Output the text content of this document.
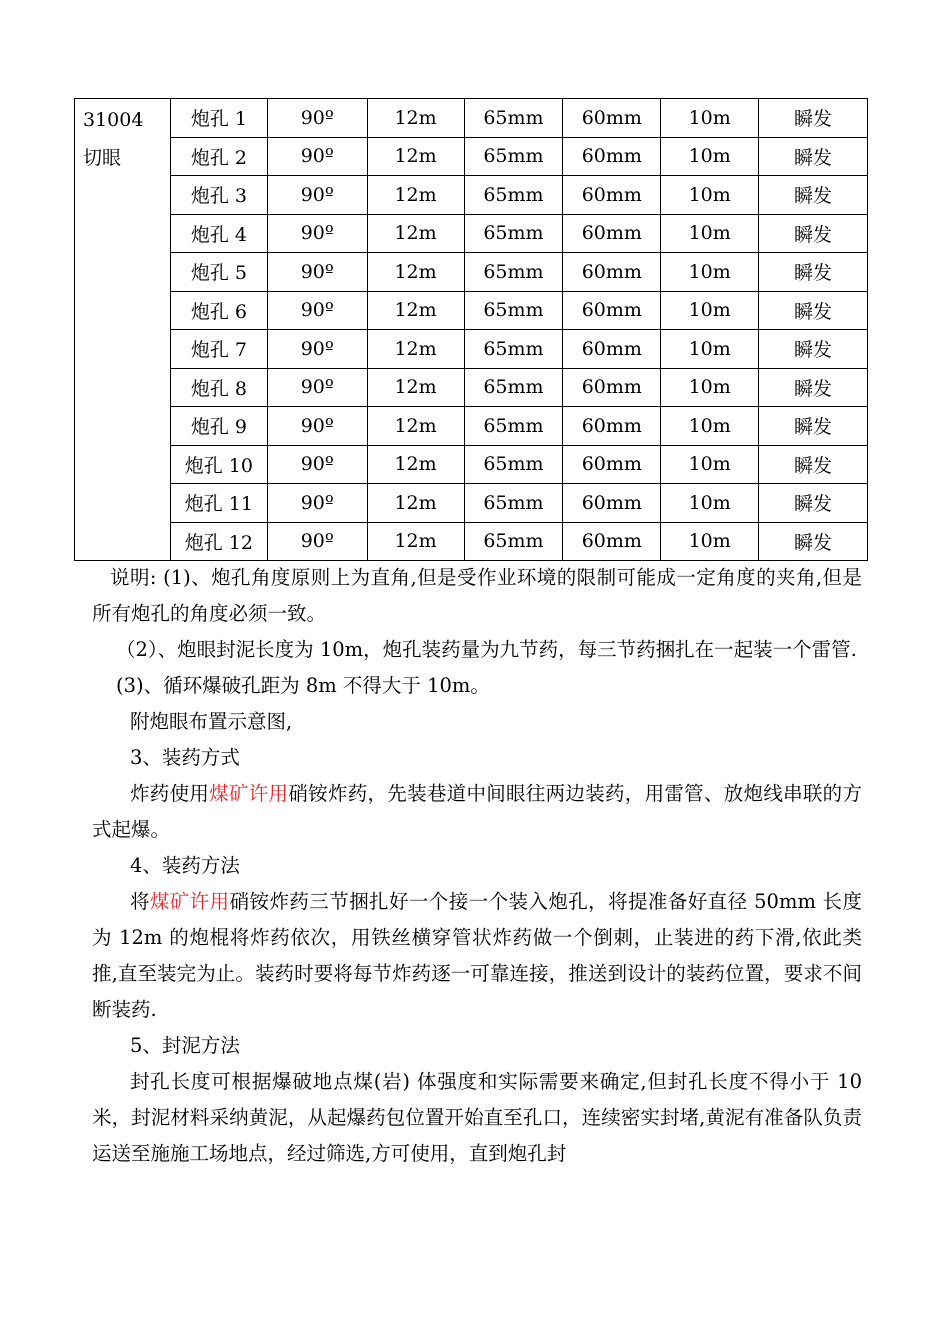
31004
切眼	炮孔 1	90º	12m	65mm	60mm	10m	瞬发
	炮孔 2	90º	12m	65mm	60mm	10m	瞬发
	炮孔 3	90º	12m	65mm	60mm	10m	瞬发
	炮孔 4	90º	12m	65mm	60mm	10m	瞬发
	炮孔 5	90º	12m	65mm	60mm	10m	瞬发
	炮孔 6	90º	12m	65mm	60mm	10m	瞬发
	炮孔 7	90º	12m	65mm	60mm	10m	瞬发
	炮孔 8	90º	12m	65mm	60mm	10m	瞬发
	炮孔 9	90º	12m	65mm	60mm	10m	瞬发
	炮孔 10	90º	12m	65mm	60mm	10m	瞬发
	炮孔 11	90º	12m	65mm	60mm	10m	瞬发
	炮孔 12	90º	12m	65mm	60mm	10m	瞬发

说明: (1)、炮孔角度原则上为直角,但是受作业环境的限制可能成一定角度的夹角,但是所有炮孔的角度必须一致。

（2）、炮眼封泥长度为 10m，炮孔装药量为九节药，每三节药捆扎在一起装一个雷管.

(3)、循环爆破孔距为 8m 不得大于 10m。

附炮眼布置示意图,

3、装药方式

炸药使用煤矿许用硝铵炸药，先装巷道中间眼往两边装药，用雷管、放炮线串联的方式起爆。

4、装药方法

将煤矿许用硝铵炸药三节捆扎好一个接一个装入炮孔，将提准备好直径 50mm 长度为 12m 的炮棍将炸药依次，用铁丝横穿管状炸药做一个倒刺，止装进的药下滑,依此类推,直至装完为止。装药时要将每节炸药逐一可靠连接，推送到设计的装药位置，要求不间断装药.

5、封泥方法

封孔长度可根据爆破地点煤(岩) 体强度和实际需要来确定,但封孔长度不得小于 10 米，封泥材料采纳黄泥，从起爆药包位置开始直至孔口，连续密实封堵,黄泥有准备队负责运送至施施工场地点，经过筛选,方可使用，直到炮孔封
